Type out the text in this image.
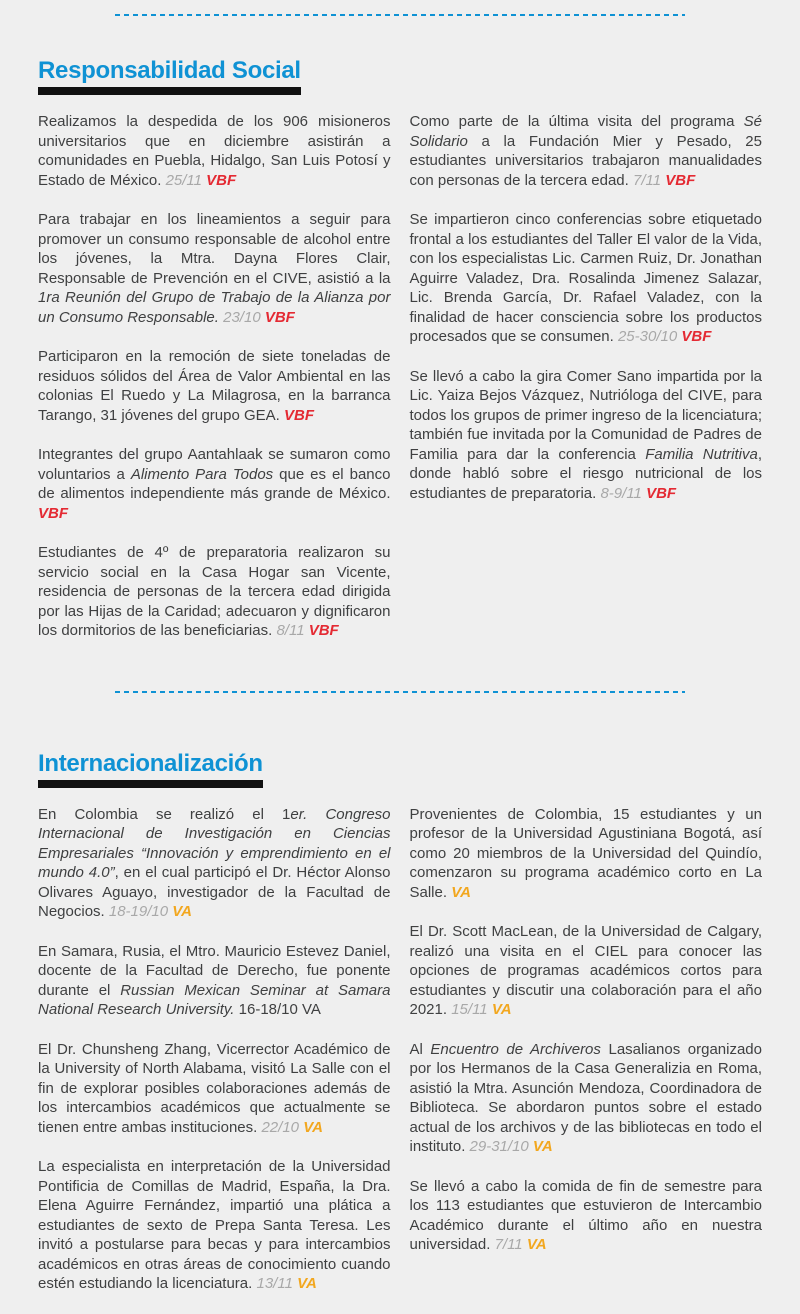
Responsabilidad Social

Realizamos la despedida de los 906 misioneros universitarios que en diciembre asistirán a comunidades en Puebla, Hidalgo, San Luis Potosí y Estado de México. 25/11 VBF

Para trabajar en los lineamientos a seguir para promover un consumo responsable de alcohol entre los jóvenes, la Mtra. Dayna Flores Clair, Responsable de Prevención en el CIVE, asistió a la 1ra Reunión del Grupo de Trabajo de la Alianza por un Consumo Responsable. 23/10 VBF

Participaron en la remoción de siete toneladas de residuos sólidos del Área de Valor Ambiental en las colonias El Ruedo y La Milagrosa, en la barranca Tarango, 31 jóvenes del grupo GEA. VBF

Integrantes del grupo Aantahlaak se sumaron como voluntarios a Alimento Para Todos que es el banco de alimentos independiente más grande de México. VBF

Estudiantes de 4º de preparatoria realizaron su servicio social en la Casa Hogar san Vicente, residencia de personas de la tercera edad dirigida por las Hijas de la Caridad; adecuaron y dignificaron los dormitorios de las beneficiarias. 8/11 VBF

Como parte de la última visita del programa Sé Solidario a la Fundación Mier y Pesado, 25 estudiantes universitarios trabajaron manualidades con personas de la tercera edad. 7/11 VBF

Se impartieron cinco conferencias sobre etiquetado frontal a los estudiantes del Taller El valor de la Vida, con los especialistas Lic. Carmen Ruiz, Dr. Jonathan Aguirre Valadez, Dra. Rosalinda Jimenez Salazar, Lic. Brenda García, Dr. Rafael Valadez, con la finalidad de hacer consciencia sobre los productos procesados que se consumen. 25-30/10 VBF

Se llevó a cabo la gira Comer Sano impartida por la Lic. Yaiza Bejos Vázquez, Nutrióloga del CIVE, para todos los grupos de primer ingreso de la licenciatura; también fue invitada por la Comunidad de Padres de Familia para dar la conferencia Familia Nutritiva, donde habló sobre el riesgo nutricional de los estudiantes de preparatoria. 8-9/11 VBF

Internacionalización

En Colombia se realizó el 1er. Congreso Internacional de Investigación en Ciencias Empresariales “Innovación y emprendimiento en el mundo 4.0”, en el cual participó el Dr. Héctor Alonso Olivares Aguayo, investigador de la Facultad de Negocios. 18-19/10 VA

En Samara, Rusia, el Mtro. Mauricio Estevez Daniel, docente de la Facultad de Derecho, fue ponente durante el Russian Mexican Seminar at Samara National Research University. 16-18/10 VA

El Dr. Chunsheng Zhang, Vicerrector Académico de la University of North Alabama, visitó La Salle con el fin de explorar posibles colaboraciones además de los intercambios académicos que actualmente se tienen entre ambas instituciones. 22/10 VA

La especialista en interpretación de la Universidad Pontificia de Comillas de Madrid, España, la Dra. Elena Aguirre Fernández, impartió una plática a estudiantes de sexto de Prepa Santa Teresa. Les invitó a postularse para becas y para intercambios académicos en otras áreas de conocimiento cuando estén estudiando la licenciatura. 13/11 VA

Provenientes de Colombia, 15 estudiantes y un profesor de la Universidad Agustiniana Bogotá, así como 20 miembros de la Universidad del Quindío, comenzaron su programa académico corto en La Salle. VA

El Dr. Scott MacLean, de la Universidad de Calgary, realizó una visita en el CIEL para conocer las opciones de programas académicos cortos para estudiantes y discutir una colaboración para el año 2021. 15/11 VA

Al Encuentro de Archiveros Lasalianos organizado por los Hermanos de la Casa Generalizia en Roma, asistió la Mtra. Asunción Mendoza, Coordinadora de Biblioteca. Se abordaron puntos sobre el estado actual de los archivos y de las bibliotecas en todo el instituto. 29-31/10 VA

Se llevó a cabo la comida de fin de semestre para los 113 estudiantes que estuvieron de Intercambio Académico durante el último año en nuestra universidad. 7/11 VA
